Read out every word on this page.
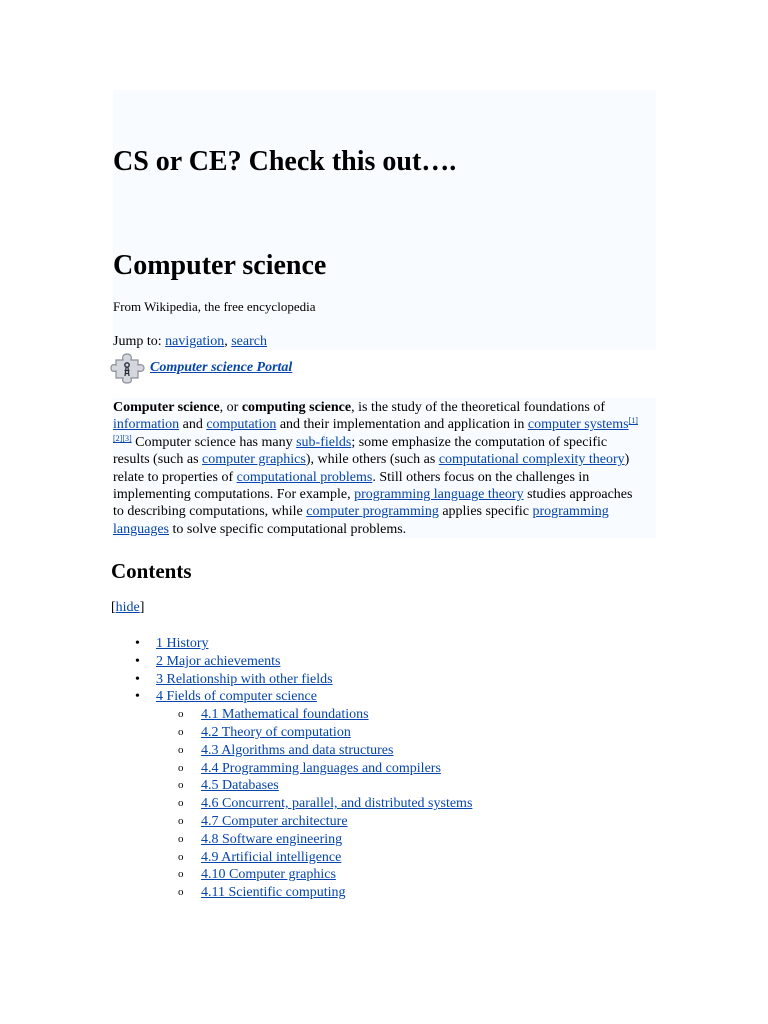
CS or CE? Check this out….
Computer science
From Wikipedia, the free encyclopedia
Jump to: navigation, search
Computer science Portal

Computer science, or computing science, is the study of the theoretical foundations of information and computation and their implementation and application in computer systems[1][2][3] Computer science has many sub-fields; some emphasize the computation of specific results (such as computer graphics), while others (such as computational complexity theory) relate to properties of computational problems. Still others focus on the challenges in implementing computations. For example, programming language theory studies approaches to describing computations, while computer programming applies specific programming languages to solve specific computational problems.

Contents
[hide]
• 1 History
• 2 Major achievements
• 3 Relationship with other fields
• 4 Fields of computer science
o 4.1 Mathematical foundations
o 4.2 Theory of computation
o 4.3 Algorithms and data structures
o 4.4 Programming languages and compilers
o 4.5 Databases
o 4.6 Concurrent, parallel, and distributed systems
o 4.7 Computer architecture
o 4.8 Software engineering
o 4.9 Artificial intelligence
o 4.10 Computer graphics
o 4.11 Scientific computing
